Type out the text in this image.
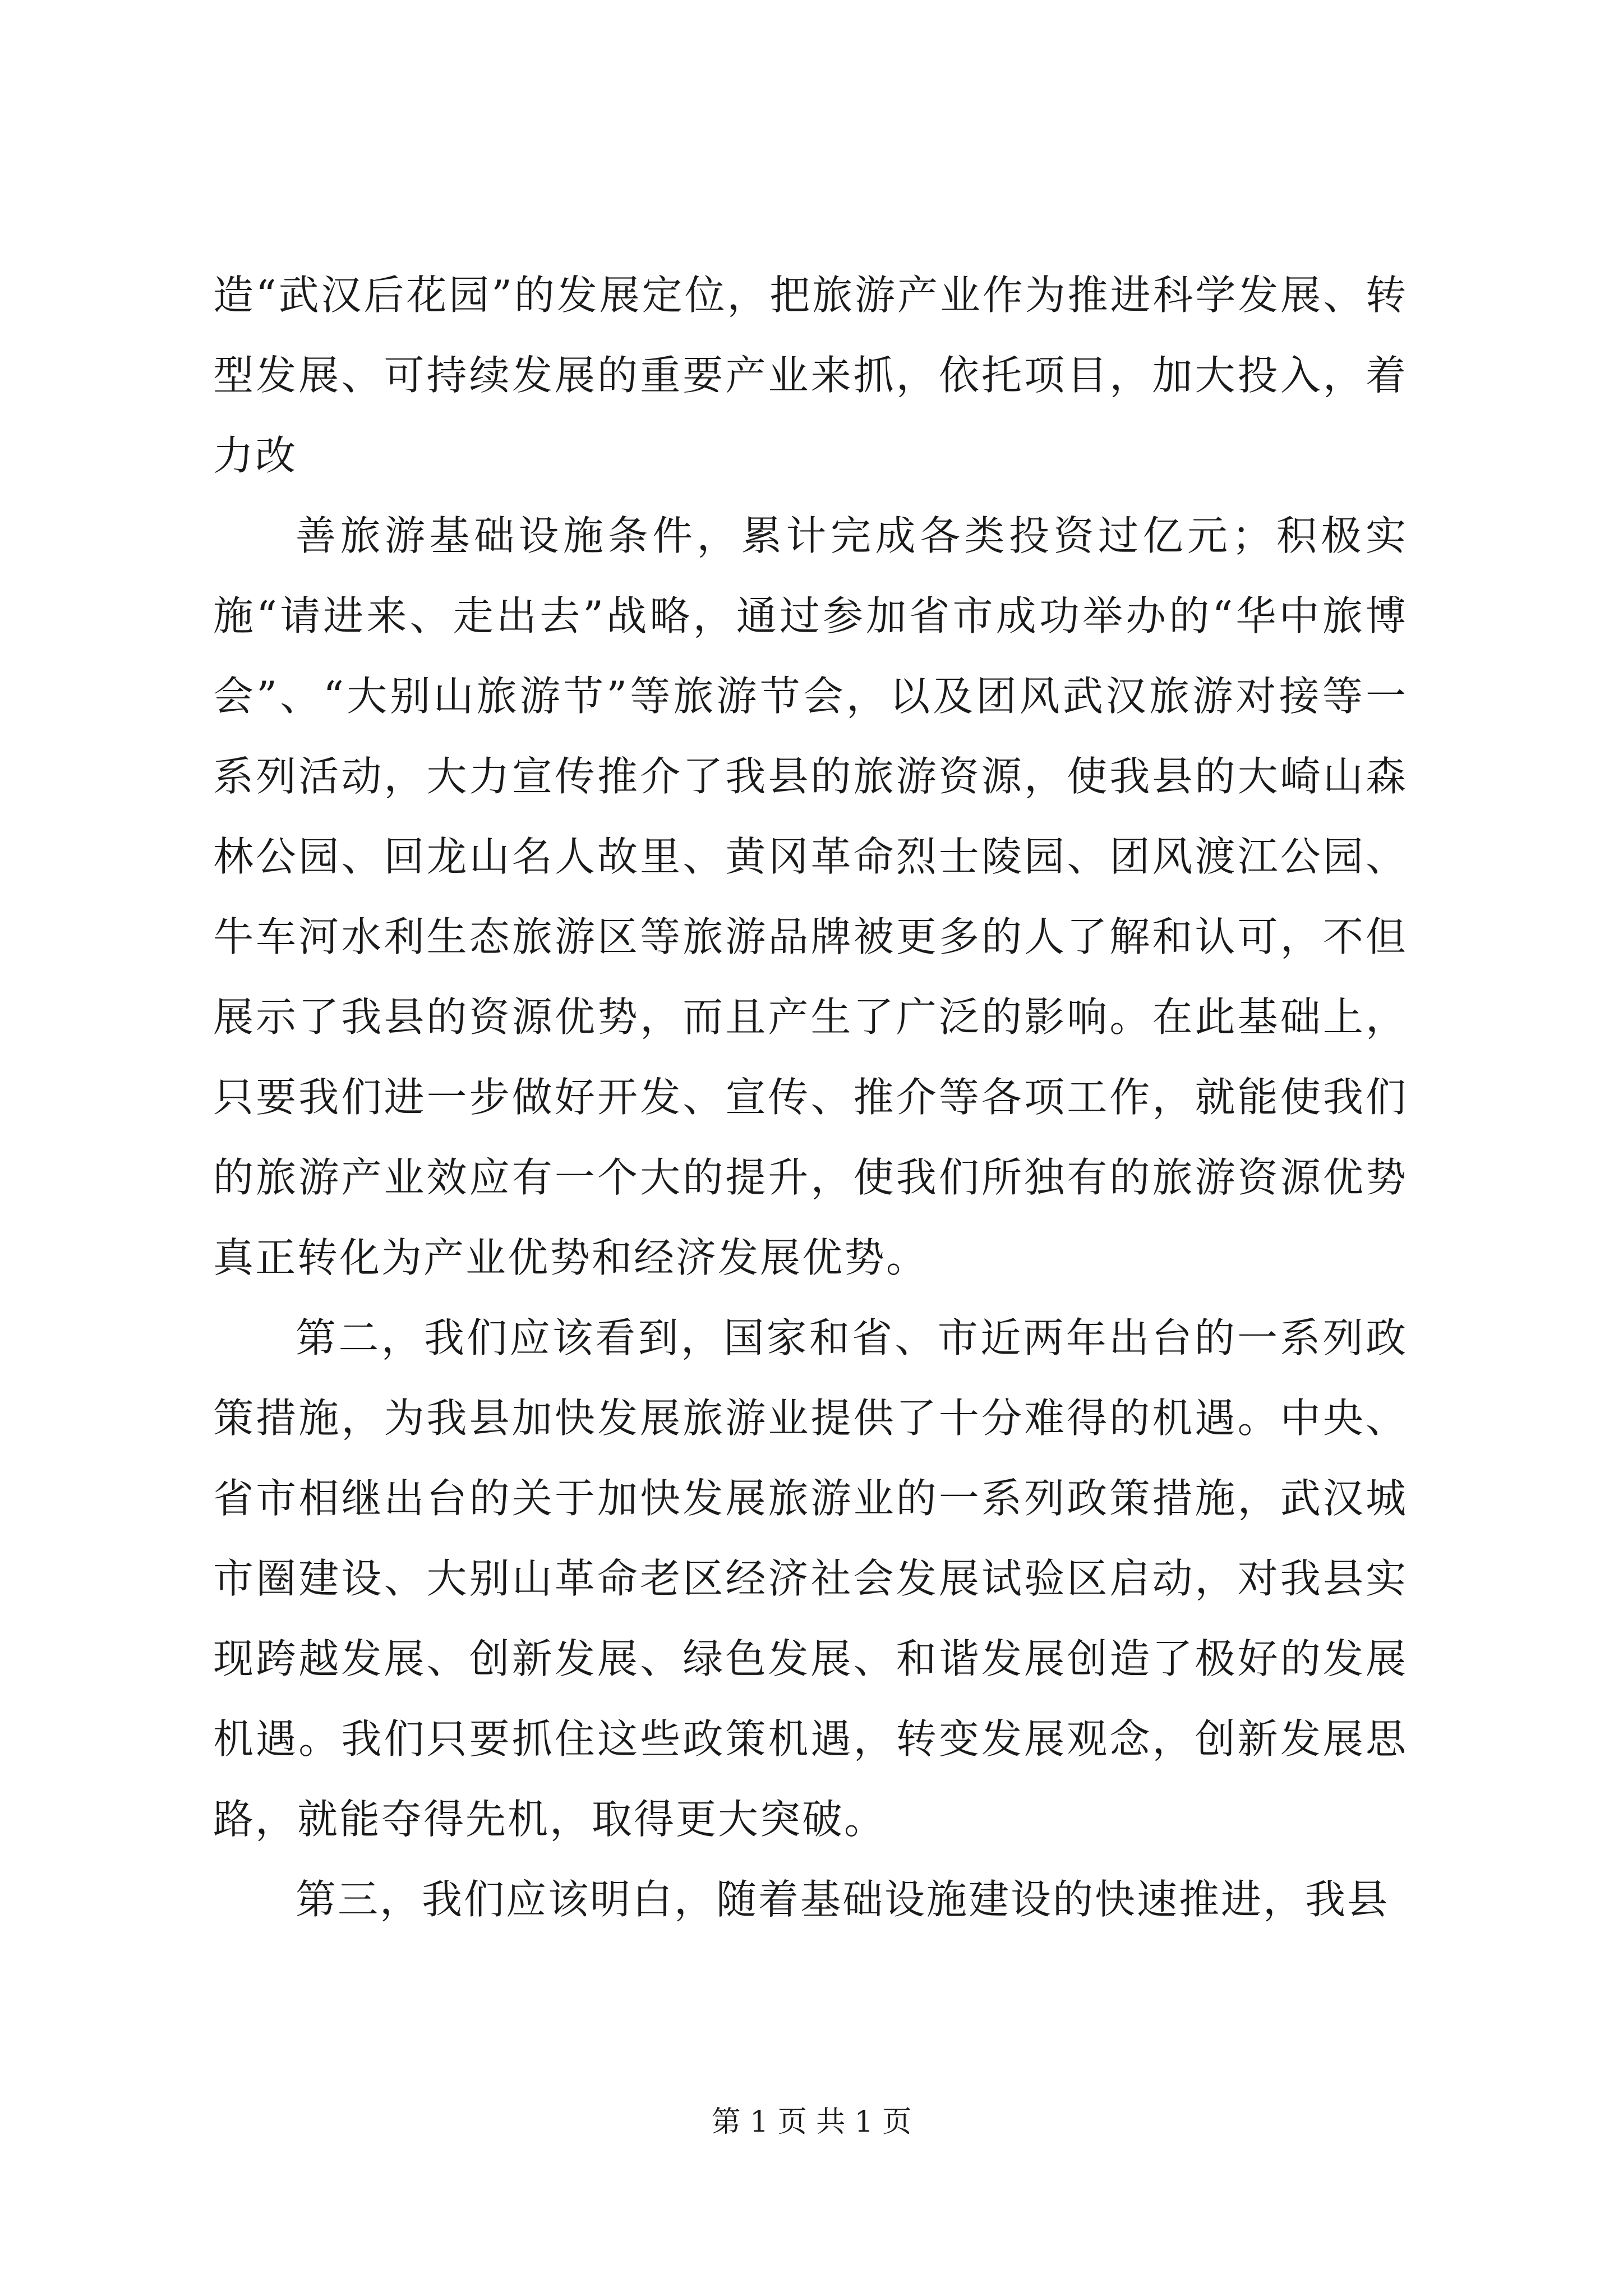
造“武汉后花园”的发展定位，把旅游产业作为推进科学发展、转型发展、可持续发展的重要产业来抓，依托项目，加大投入，着力改

善旅游基础设施条件，累计完成各类投资过亿元；积极实施“请进来、走出去”战略，通过参加省市成功举办的“华中旅博会”、“大别山旅游节”等旅游节会，以及团风武汉旅游对接等一系列活动，大力宣传推介了我县的旅游资源，使我县的大崎山森林公园、回龙山名人故里、黄冈革命烈士陵园、团风渡江公园、牛车河水利生态旅游区等旅游品牌被更多的人了解和认可，不但展示了我县的资源优势，而且产生了广泛的影响。在此基础上，只要我们进一步做好开发、宣传、推介等各项工作，就能使我们的旅游产业效应有一个大的提升，使我们所独有的旅游资源优势真正转化为产业优势和经济发展优势。

第二，我们应该看到，国家和省、市近两年出台的一系列政策措施，为我县加快发展旅游业提供了十分难得的机遇。中央、省市相继出台的关于加快发展旅游业的一系列政策措施，武汉城市圈建设、大别山革命老区经济社会发展试验区启动，对我县实现跨越发展、创新发展、绿色发展、和谐发展创造了极好的发展机遇。我们只要抓住这些政策机遇，转变发展观念，创新发展思路，就能夺得先机，取得更大突破。

第三，我们应该明白，随着基础设施建设的快速推进，我县

第 1 页 共 1 页
